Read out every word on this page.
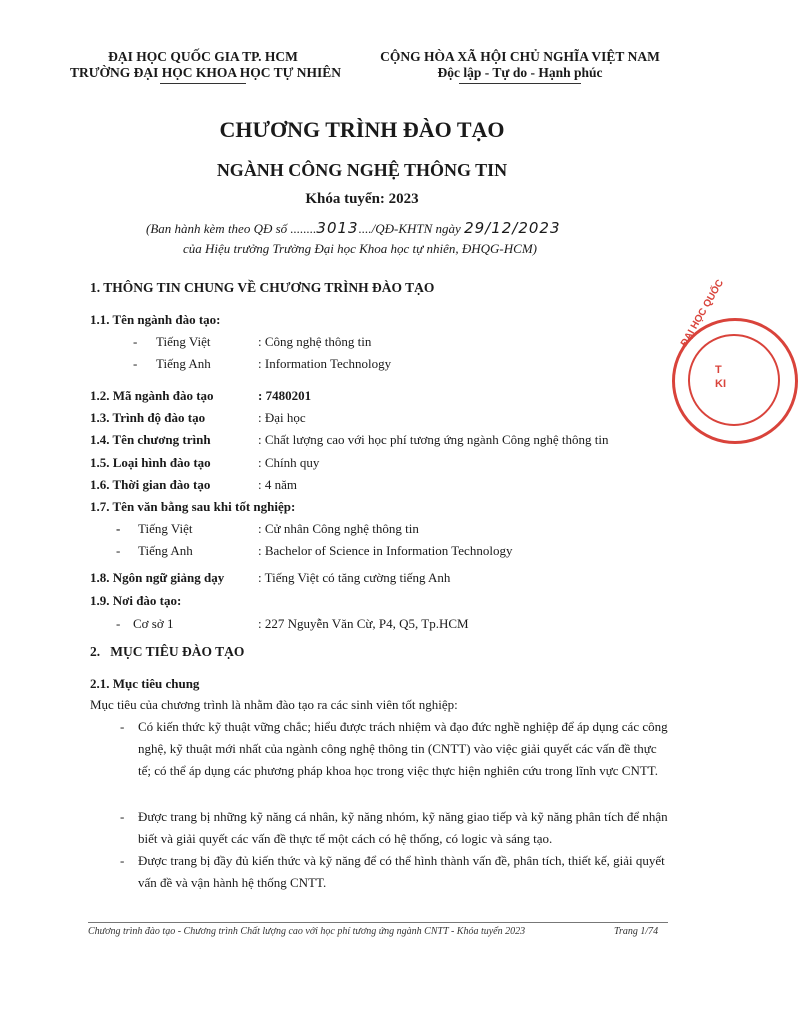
ĐẠI HỌC QUỐC GIA TP. HCM
TRƯỜNG ĐẠI HỌC KHOA HỌC TỰ NHIÊN
CỘNG HÒA XÃ HỘI CHỦ NGHĨA VIỆT NAM
Độc lập - Tự do - Hạnh phúc
CHƯƠNG TRÌNH ĐÀO TẠO
NGÀNH CÔNG NGHỆ THÔNG TIN
Khóa tuyển: 2023
(Ban hành kèm theo QĐ số ........3013..../QĐ-KHTN ngày 29/12/2023
của Hiệu trưởng Trường Đại học Khoa học tự nhiên, ĐHQG-HCM)
1. THÔNG TIN CHUNG VỀ CHƯƠNG TRÌNH ĐÀO TẠO
1.1. Tên ngành đào tạo:
- Tiếng Việt	: Công nghệ thông tin
- Tiếng Anh	: Information Technology
1.2. Mã ngành đào tạo	: 7480201
1.3. Trình độ đào tạo	: Đại học
1.4. Tên chương trình	: Chất lượng cao với học phí tương ứng ngành Công nghệ thông tin
1.5. Loại hình đào tạo	: Chính quy
1.6. Thời gian đào tạo	: 4 năm
1.7. Tên văn bằng sau khi tốt nghiệp:
- Tiếng Việt	: Cử nhân Công nghệ thông tin
- Tiếng Anh	: Bachelor of Science in Information Technology
1.8. Ngôn ngữ giảng dạy	: Tiếng Việt có tăng cường tiếng Anh
1.9. Nơi đào tạo:
- Cơ sở 1	: 227 Nguyễn Văn Cừ, P4, Q5, Tp.HCM
2.   MỤC TIÊU ĐÀO TẠO
2.1. Mục tiêu chung
Mục tiêu của chương trình là nhằm đào tạo ra các sinh viên tốt nghiệp:
- Có kiến thức kỹ thuật vững chắc; hiểu được trách nhiệm và đạo đức nghề nghiệp để áp dụng các công nghệ, kỹ thuật mới nhất của ngành công nghệ thông tin (CNTT) vào việc giải quyết các vấn đề thực tế; có thể áp dụng các phương pháp khoa học trong việc thực hiện nghiên cứu trong lĩnh vực CNTT.
- Được trang bị những kỹ năng cá nhân, kỹ năng nhóm, kỹ năng giao tiếp và kỹ năng phân tích để nhận biết và giải quyết các vấn đề thực tế một cách có hệ thống, có logic và sáng tạo.
- Được trang bị đầy đủ kiến thức và kỹ năng để có thể hình thành vấn đề, phân tích, thiết kế, giải quyết vấn đề và vận hành hệ thống CNTT.
Chương trình đào tạo - Chương trình Chất lượng cao với học phí tương ứng ngành CNTT - Khóa tuyển 2023	Trang 1/74
ĐẠI HỌC QUỐC
T KI
